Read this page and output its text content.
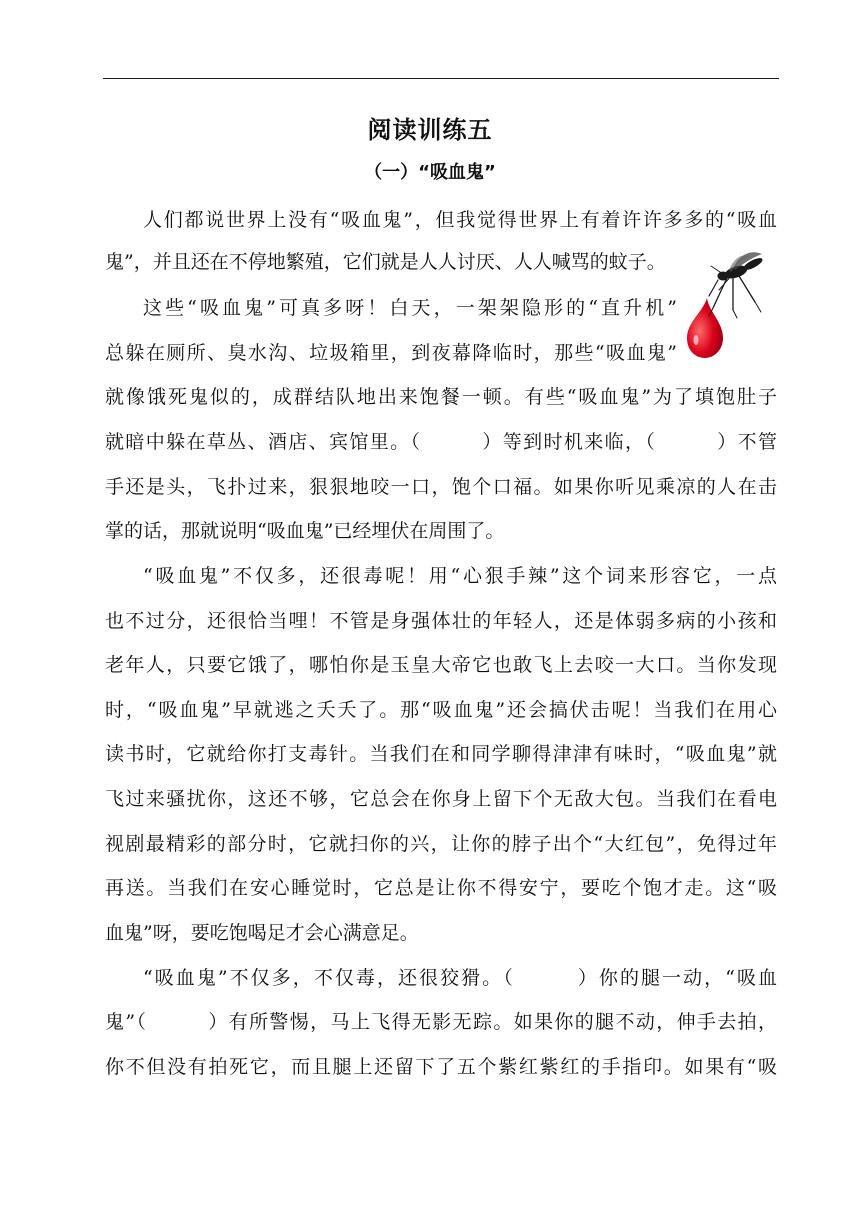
阅读训练五
（一）“吸血鬼”
人们都说世界上没有“吸血鬼”，但我觉得世界上有着许许多多的“吸血
鬼”，并且还在不停地繁殖，它们就是人人讨厌、人人喊骂的蚊子。
这些“吸血鬼”可真多呀！白天，一架架隐形的“直升机”
总躲在厕所、臭水沟、垃圾箱里，到夜幕降临时，那些“吸血鬼”
就像饿死鬼似的，成群结队地出来饱餐一顿。有些“吸血鬼”为了填饱肚子
就暗中躲在草丛、酒店、宾馆里。（　　　）等到时机来临，（　　　）不管
手还是头，飞扑过来，狠狠地咬一口，饱个口福。如果你听见乘凉的人在击
掌的话，那就说明“吸血鬼”已经埋伏在周围了。
“吸血鬼”不仅多，还很毒呢！用“心狠手辣”这个词来形容它，一点
也不过分，还很恰当哩！不管是身强体壮的年轻人，还是体弱多病的小孩和
老年人，只要它饿了，哪怕你是玉皇大帝它也敢飞上去咬一大口。当你发现
时，“吸血鬼”早就逃之夭夭了。那“吸血鬼”还会搞伏击呢！当我们在用心
读书时，它就给你打支毒针。当我们在和同学聊得津津有味时，“吸血鬼”就
飞过来骚扰你，这还不够，它总会在你身上留下个无敌大包。当我们在看电
视剧最精彩的部分时，它就扫你的兴，让你的脖子出个“大红包”，免得过年
再送。当我们在安心睡觉时，它总是让你不得安宁，要吃个饱才走。这“吸
血鬼”呀，要吃饱喝足才会心满意足。
“吸血鬼”不仅多，不仅毒，还很狡猾。（　　　）你的腿一动，“吸血
鬼”（　　　）有所警惕，马上飞得无影无踪。如果你的腿不动，伸手去拍，
你不但没有拍死它，而且腿上还留下了五个紫红紫红的手指印。如果有“吸
